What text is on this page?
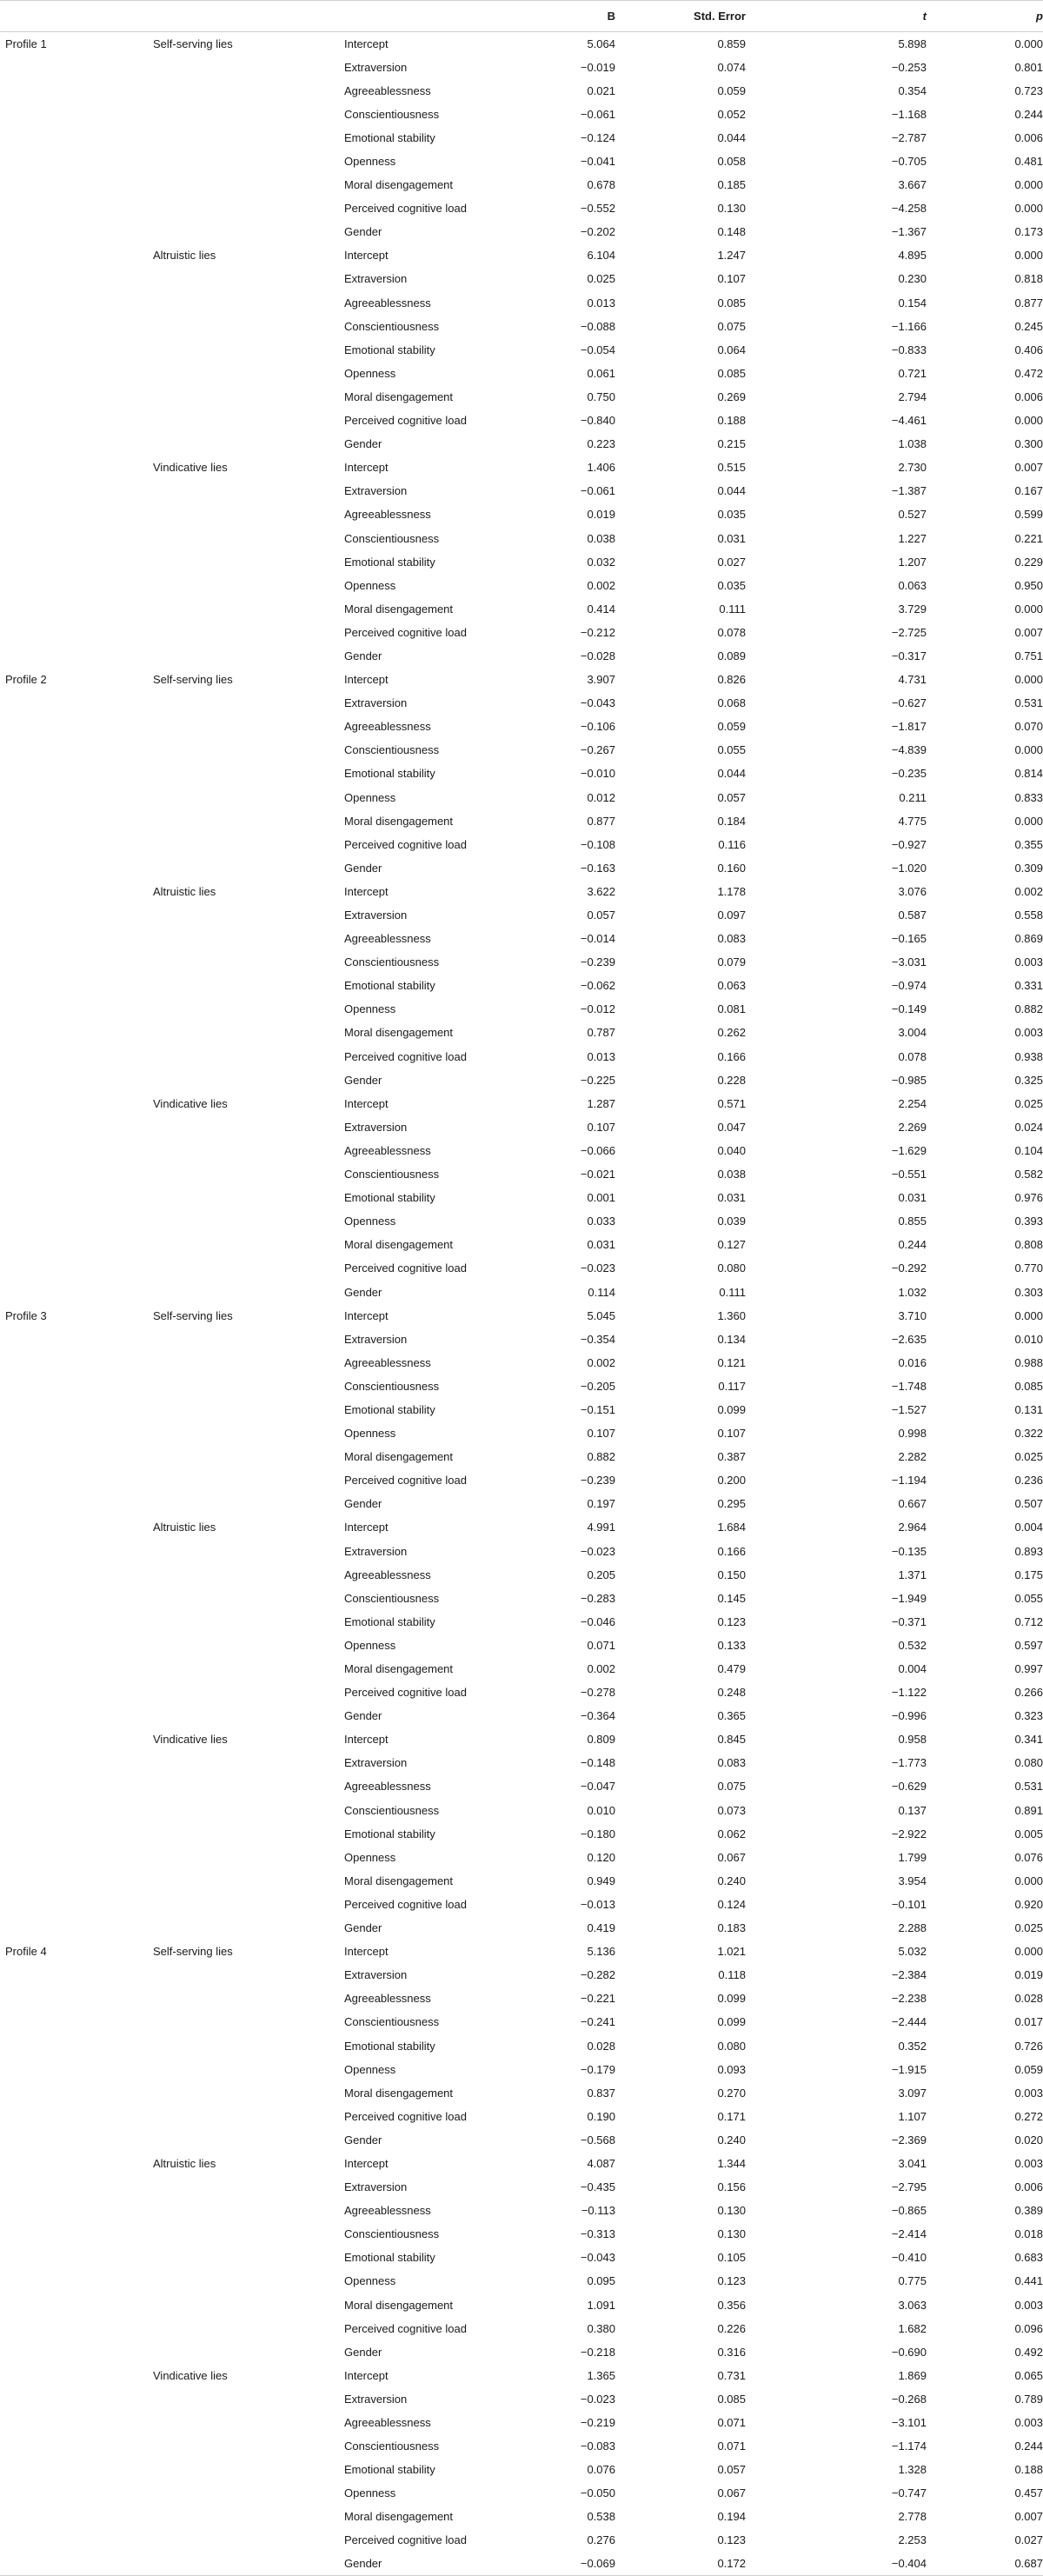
			B	Std. Error	t	p
Profile 1	Self-serving lies	Intercept	5.064	0.859	5.898	0.000
		Extraversion	−0.019	0.074	−0.253	0.801
		Agreeablessness	0.021	0.059	0.354	0.723
		Conscientiousness	−0.061	0.052	−1.168	0.244
		Emotional stability	−0.124	0.044	−2.787	0.006
		Openness	−0.041	0.058	−0.705	0.481
		Moral disengagement	0.678	0.185	3.667	0.000
		Perceived cognitive load	−0.552	0.130	−4.258	0.000
		Gender	−0.202	0.148	−1.367	0.173
	Altruistic lies	Intercept	6.104	1.247	4.895	0.000
		Extraversion	0.025	0.107	0.230	0.818
		Agreeablessness	0.013	0.085	0.154	0.877
		Conscientiousness	−0.088	0.075	−1.166	0.245
		Emotional stability	−0.054	0.064	−0.833	0.406
		Openness	0.061	0.085	0.721	0.472
		Moral disengagement	0.750	0.269	2.794	0.006
		Perceived cognitive load	−0.840	0.188	−4.461	0.000
		Gender	0.223	0.215	1.038	0.300
	Vindicative lies	Intercept	1.406	0.515	2.730	0.007
		Extraversion	−0.061	0.044	−1.387	0.167
		Agreeablessness	0.019	0.035	0.527	0.599
		Conscientiousness	0.038	0.031	1.227	0.221
		Emotional stability	0.032	0.027	1.207	0.229
		Openness	0.002	0.035	0.063	0.950
		Moral disengagement	0.414	0.111	3.729	0.000
		Perceived cognitive load	−0.212	0.078	−2.725	0.007
		Gender	−0.028	0.089	−0.317	0.751
Profile 2	Self-serving lies	Intercept	3.907	0.826	4.731	0.000
		Extraversion	−0.043	0.068	−0.627	0.531
		Agreeablessness	−0.106	0.059	−1.817	0.070
		Conscientiousness	−0.267	0.055	−4.839	0.000
		Emotional stability	−0.010	0.044	−0.235	0.814
		Openness	0.012	0.057	0.211	0.833
		Moral disengagement	0.877	0.184	4.775	0.000
		Perceived cognitive load	−0.108	0.116	−0.927	0.355
		Gender	−0.163	0.160	−1.020	0.309
	Altruistic lies	Intercept	3.622	1.178	3.076	0.002
		Extraversion	0.057	0.097	0.587	0.558
		Agreeablessness	−0.014	0.083	−0.165	0.869
		Conscientiousness	−0.239	0.079	−3.031	0.003
		Emotional stability	−0.062	0.063	−0.974	0.331
		Openness	−0.012	0.081	−0.149	0.882
		Moral disengagement	0.787	0.262	3.004	0.003
		Perceived cognitive load	0.013	0.166	0.078	0.938
		Gender	−0.225	0.228	−0.985	0.325
	Vindicative lies	Intercept	1.287	0.571	2.254	0.025
		Extraversion	0.107	0.047	2.269	0.024
		Agreeablessness	−0.066	0.040	−1.629	0.104
		Conscientiousness	−0.021	0.038	−0.551	0.582
		Emotional stability	0.001	0.031	0.031	0.976
		Openness	0.033	0.039	0.855	0.393
		Moral disengagement	0.031	0.127	0.244	0.808
		Perceived cognitive load	−0.023	0.080	−0.292	0.770
		Gender	0.114	0.111	1.032	0.303
Profile 3	Self-serving lies	Intercept	5.045	1.360	3.710	0.000
		Extraversion	−0.354	0.134	−2.635	0.010
		Agreeablessness	0.002	0.121	0.016	0.988
		Conscientiousness	−0.205	0.117	−1.748	0.085
		Emotional stability	−0.151	0.099	−1.527	0.131
		Openness	0.107	0.107	0.998	0.322
		Moral disengagement	0.882	0.387	2.282	0.025
		Perceived cognitive load	−0.239	0.200	−1.194	0.236
		Gender	0.197	0.295	0.667	0.507
	Altruistic lies	Intercept	4.991	1.684	2.964	0.004
		Extraversion	−0.023	0.166	−0.135	0.893
		Agreeablessness	0.205	0.150	1.371	0.175
		Conscientiousness	−0.283	0.145	−1.949	0.055
		Emotional stability	−0.046	0.123	−0.371	0.712
		Openness	0.071	0.133	0.532	0.597
		Moral disengagement	0.002	0.479	0.004	0.997
		Perceived cognitive load	−0.278	0.248	−1.122	0.266
		Gender	−0.364	0.365	−0.996	0.323
	Vindicative lies	Intercept	0.809	0.845	0.958	0.341
		Extraversion	−0.148	0.083	−1.773	0.080
		Agreeablessness	−0.047	0.075	−0.629	0.531
		Conscientiousness	0.010	0.073	0.137	0.891
		Emotional stability	−0.180	0.062	−2.922	0.005
		Openness	0.120	0.067	1.799	0.076
		Moral disengagement	0.949	0.240	3.954	0.000
		Perceived cognitive load	−0.013	0.124	−0.101	0.920
		Gender	0.419	0.183	2.288	0.025
Profile 4	Self-serving lies	Intercept	5.136	1.021	5.032	0.000
		Extraversion	−0.282	0.118	−2.384	0.019
		Agreeablessness	−0.221	0.099	−2.238	0.028
		Conscientiousness	−0.241	0.099	−2.444	0.017
		Emotional stability	0.028	0.080	0.352	0.726
		Openness	−0.179	0.093	−1.915	0.059
		Moral disengagement	0.837	0.270	3.097	0.003
		Perceived cognitive load	0.190	0.171	1.107	0.272
		Gender	−0.568	0.240	−2.369	0.020
	Altruistic lies	Intercept	4.087	1.344	3.041	0.003
		Extraversion	−0.435	0.156	−2.795	0.006
		Agreeablessness	−0.113	0.130	−0.865	0.389
		Conscientiousness	−0.313	0.130	−2.414	0.018
		Emotional stability	−0.043	0.105	−0.410	0.683
		Openness	0.095	0.123	0.775	0.441
		Moral disengagement	1.091	0.356	3.063	0.003
		Perceived cognitive load	0.380	0.226	1.682	0.096
		Gender	−0.218	0.316	−0.690	0.492
	Vindicative lies	Intercept	1.365	0.731	1.869	0.065
		Extraversion	−0.023	0.085	−0.268	0.789
		Agreeablessness	−0.219	0.071	−3.101	0.003
		Conscientiousness	−0.083	0.071	−1.174	0.244
		Emotional stability	0.076	0.057	1.328	0.188
		Openness	−0.050	0.067	−0.747	0.457
		Moral disengagement	0.538	0.194	2.778	0.007
		Perceived cognitive load	0.276	0.123	2.253	0.027
		Gender	−0.069	0.172	−0.404	0.687
